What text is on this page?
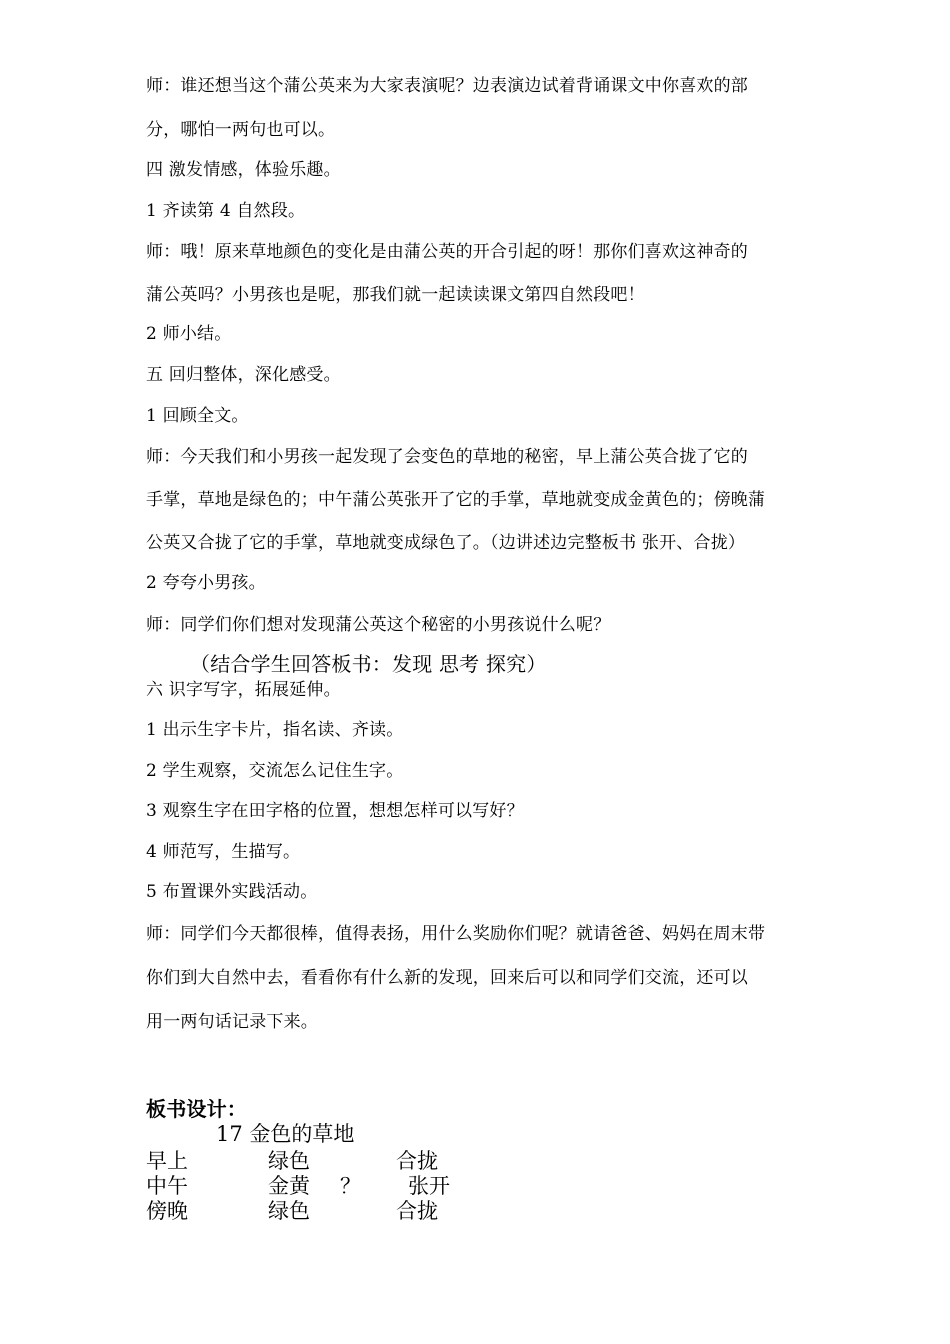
师：谁还想当这个蒲公英来为大家表演呢？边表演边试着背诵课文中你喜欢的部

分，哪怕一两句也可以。

四 激发情感，体验乐趣。

1 齐读第 4 自然段。

师：哦！原来草地颜色的变化是由蒲公英的开合引起的呀！那你们喜欢这神奇的

蒲公英吗？小男孩也是呢，那我们就一起读读课文第四自然段吧！

2 师小结。

五 回归整体，深化感受。

1 回顾全文。

师：今天我们和小男孩一起发现了会变色的草地的秘密，早上蒲公英合拢了它的

手掌，草地是绿色的；中午蒲公英张开了它的手掌，草地就变成金黄色的；傍晚蒲

公英又合拢了它的手掌，草地就变成绿色了。（边讲述边完整板书 张开、合拢）

2 夸夸小男孩。

师：同学们你们想对发现蒲公英这个秘密的小男孩说什么呢？

（结合学生回答板书：发现 思考 探究）

六 识字写字，拓展延伸。

1 出示生字卡片，指名读、齐读。

2 学生观察，交流怎么记住生字。

3 观察生字在田字格的位置，想想怎样可以写好？

4 师范写，生描写。

5 布置课外实践活动。

师：同学们今天都很棒，值得表扬，用什么奖励你们呢？就请爸爸、妈妈在周末带

你们到大自然中去，看看你有什么新的发现，回来后可以和同学们交流，还可以

用一两句话记录下来。

板书设计：

17 金色的草地

早上	绿色	合拢

中午	金黄 ？ 张开

傍晚	绿色	合拢
